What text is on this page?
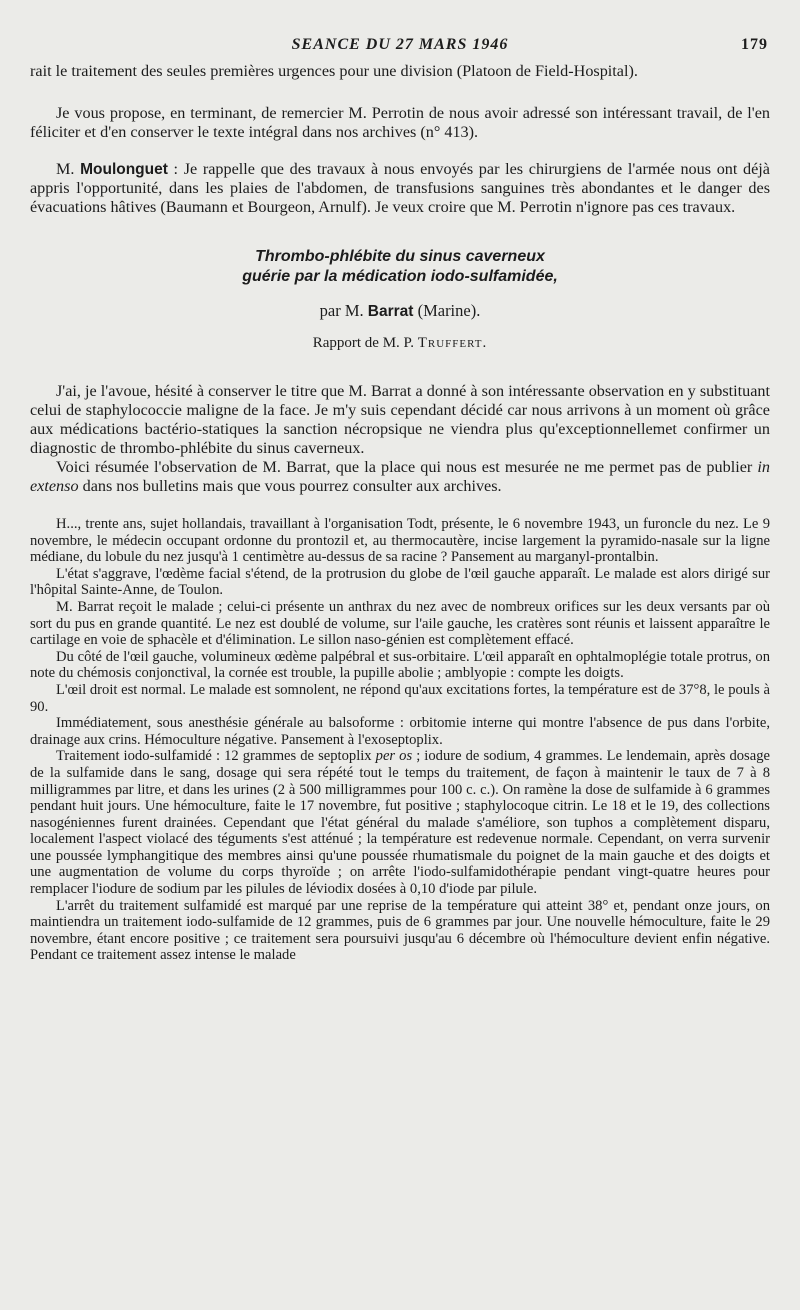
SEANCE DU 27 MARS 1946	179

rait le traitement des seules premières urgences pour une division (Platoon de Field-Hospital).

Je vous propose, en terminant, de remercier M. Perrotin de nous avoir adressé son intéressant travail, de l'en féliciter et d'en conserver le texte intégral dans nos archives (n° 413).

M. Moulonguet : Je rappelle que des travaux à nous envoyés par les chirurgiens de l'armée nous ont déjà appris l'opportunité, dans les plaies de l'abdomen, de transfusions sanguines très abondantes et le danger des évacuations hâtives (Baumann et Bourgeon, Arnulf). Je veux croire que M. Perrotin n'ignore pas ces travaux.

Thrombo-phlébite du sinus caverneux
guérie par la médication iodo-sulfamidée,
par M. Barrat (Marine).
Rapport de M. P. Truffert.

J'ai, je l'avoue, hésité à conserver le titre que M. Barrat a donné à son intéressante observation en y substituant celui de staphylococcie maligne de la face. Je m'y suis cependant décidé car nous arrivons à un moment où grâce aux médications bactério-statiques la sanction nécropsique ne viendra plus qu'exceptionnellemet confirmer un diagnostic de thrombo-phlébite du sinus caverneux.

Voici résumée l'observation de M. Barrat, que la place qui nous est mesurée ne me permet pas de publier in extenso dans nos bulletins mais que vous pourrez consulter aux archives.

H..., trente ans, sujet hollandais, travaillant à l'organisation Todt, présente, le 6 novembre 1943, un furoncle du nez. Le 9 novembre, le médecin occupant ordonne du prontozil et, au thermocautère, incise largement la pyramido-nasale sur la ligne médiane, du lobule du nez jusqu'à 1 centimètre au-dessus de sa racine ? Pansement au marganyl-prontalbin.

L'état s'aggrave, l'œdème facial s'étend, de la protrusion du globe de l'œil gauche apparaît. Le malade est alors dirigé sur l'hôpital Sainte-Anne, de Toulon.

M. Barrat reçoit le malade ; celui-ci présente un anthrax du nez avec de nombreux orifices sur les deux versants par où sort du pus en grande quantité. Le nez est doublé de volume, sur l'aile gauche, les cratères sont réunis et laissent apparaître le cartilage en voie de sphacèle et d'élimination. Le sillon naso-génien est complètement effacé.

Du côté de l'œil gauche, volumineux œdème palpébral et sus-orbitaire. L'œil apparaît en ophtalmoplégie totale protrus, on note du chémosis conjonctival, la cornée est trouble, la pupille abolie ; amblyopie : compte les doigts.

L'œil droit est normal. Le malade est somnolent, ne répond qu'aux excitations fortes, la température est de 37°8, le pouls à 90.

Immédiatement, sous anesthésie générale au balsoforme : orbitomie interne qui montre l'absence de pus dans l'orbite, drainage aux crins. Hémoculture négative. Pansement à l'exoseptoplix.

Traitement iodo-sulfamidé : 12 grammes de septoplix per os ; iodure de sodium, 4 grammes. Le lendemain, après dosage de la sulfamide dans le sang, dosage qui sera répété tout le temps du traitement, de façon à maintenir le taux de 7 à 8 milligrammes par litre, et dans les urines (2 à 500 milligrammes pour 100 c. c.). On ramène la dose de sulfamide à 6 grammes pendant huit jours. Une hémoculture, faite le 17 novembre, fut positive ; staphylocoque citrin. Le 18 et le 19, des collections nasogéniennes furent drainées. Cependant que l'état général du malade s'améliore, son tuphos a complètement disparu, localement l'aspect violacé des téguments s'est atténué ; la température est redevenue normale. Cependant, on verra survenir une poussée lymphangitique des membres ainsi qu'une poussée rhumatismale du poignet de la main gauche et des doigts et une augmentation de volume du corps thyroïde ; on arrête l'iodo-sulfamidothérapie pendant vingt-quatre heures pour remplacer l'iodure de sodium par les pilules de léviodix dosées à 0,10 d'iode par pilule.

L'arrêt du traitement sulfamidé est marqué par une reprise de la température qui atteint 38° et, pendant onze jours, on maintiendra un traitement iodo-sulfamide de 12 grammes, puis de 6 grammes par jour. Une nouvelle hémoculture, faite le 29 novembre, étant encore positive ; ce traitement sera poursuivi jusqu'au 6 décembre où l'hémoculture devient enfin négative. Pendant ce traitement assez intense le malade
